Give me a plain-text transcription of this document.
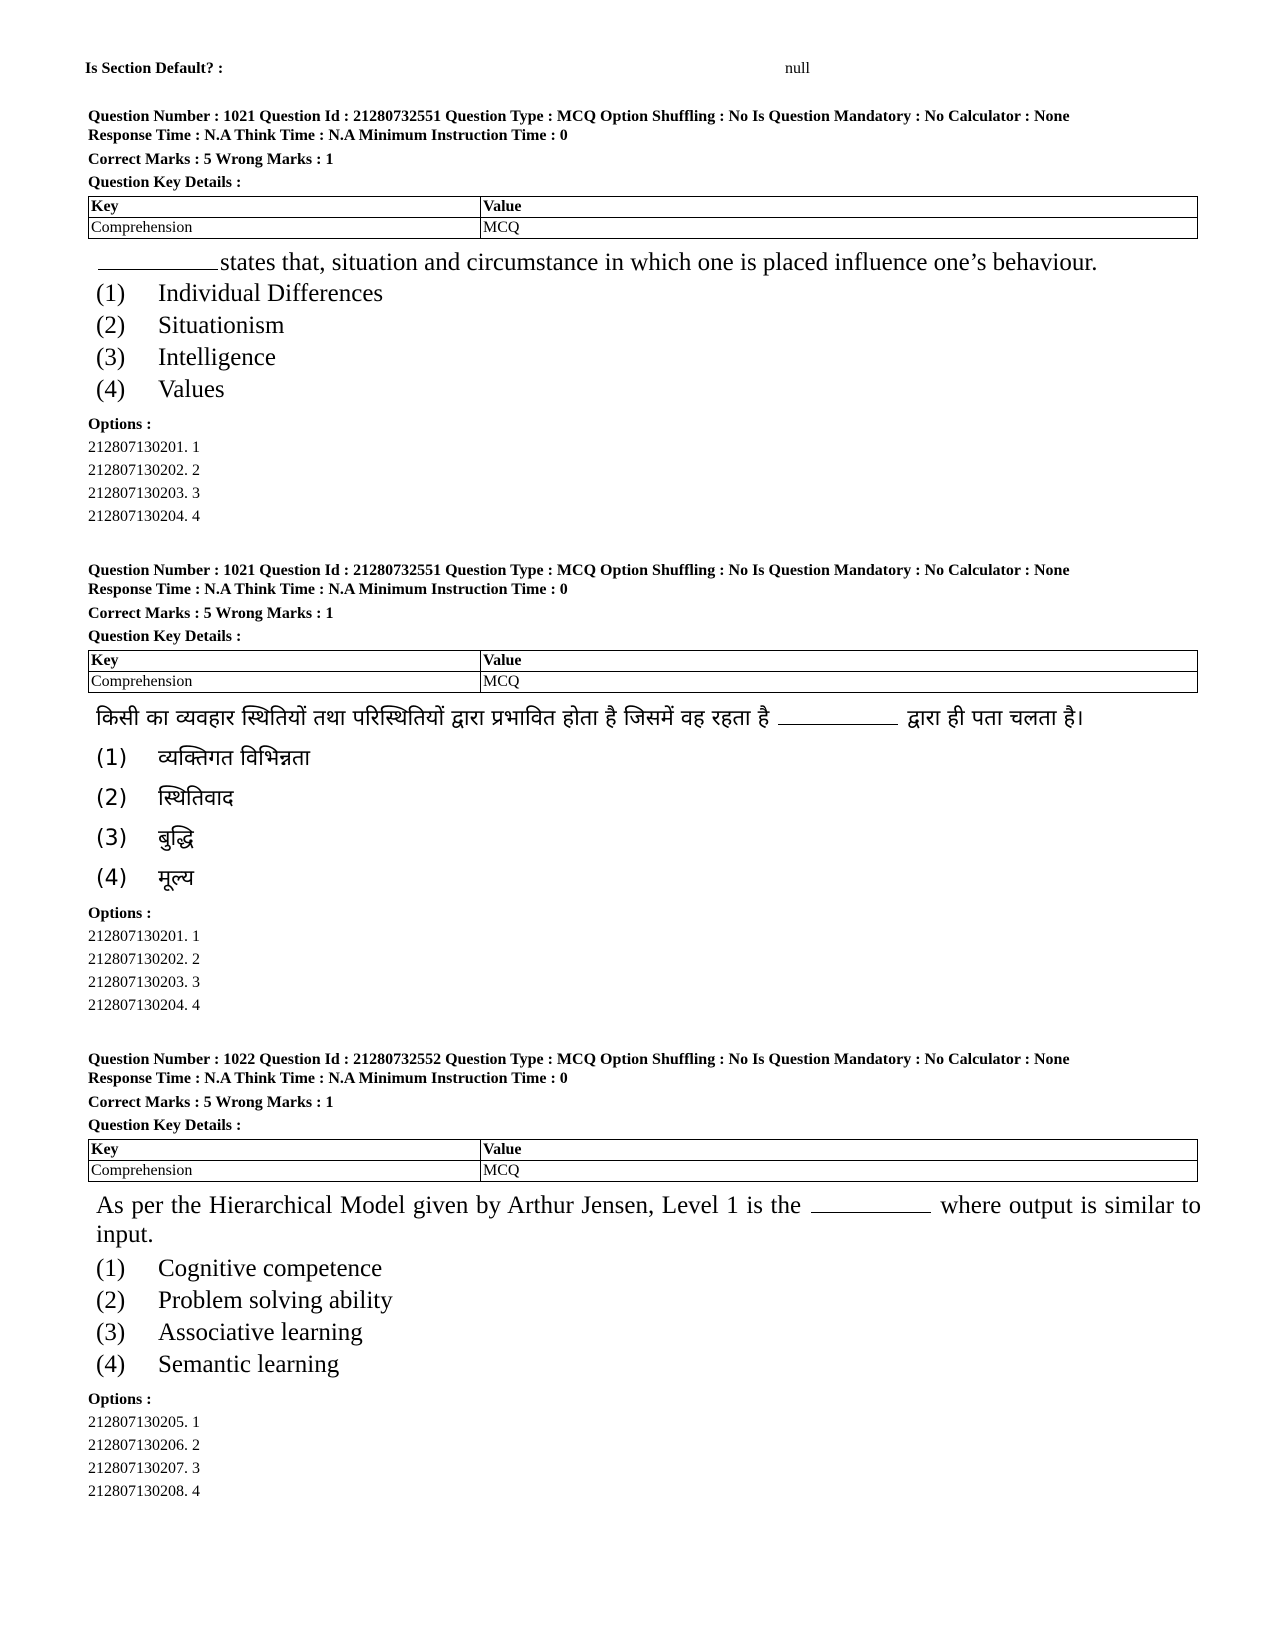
Is Section Default? :	null
Question Number : 1021 Question Id : 21280732551 Question Type : MCQ Option Shuffling : No Is Question Mandatory : No Calculator : None
Response Time : N.A Think Time : N.A Minimum Instruction Time : 0
Correct Marks : 5 Wrong Marks : 1
Question Key Details :
Key	Value
Comprehension	MCQ
states that, situation and circumstance in which one is placed influence one’s behaviour.
(1) Individual Differences
(2) Situationism
(3) Intelligence
(4) Values
Options :
212807130201. 1
212807130202. 2
212807130203. 3
212807130204. 4
Question Number : 1021 Question Id : 21280732551 Question Type : MCQ Option Shuffling : No Is Question Mandatory : No Calculator : None
Response Time : N.A Think Time : N.A Minimum Instruction Time : 0
Correct Marks : 5 Wrong Marks : 1
Question Key Details :
Key	Value
Comprehension	MCQ
किसी का व्यवहार स्थितियों तथा परिस्थितियों द्वारा प्रभावित होता है जिसमें वह रहता है	द्वारा ही पता चलता है।
(1) व्यक्तिगत विभिन्नता
(2) स्थितिवाद
(3) बुद्धि
(4) मूल्य
Options :
212807130201. 1
212807130202. 2
212807130203. 3
212807130204. 4
Question Number : 1022 Question Id : 21280732552 Question Type : MCQ Option Shuffling : No Is Question Mandatory : No Calculator : None
Response Time : N.A Think Time : N.A Minimum Instruction Time : 0
Correct Marks : 5 Wrong Marks : 1
Question Key Details :
Key	Value
Comprehension	MCQ
As per the Hierarchical Model given by Arthur Jensen, Level 1 is the	where output is similar to input.
(1) Cognitive competence
(2) Problem solving ability
(3) Associative learning
(4) Semantic learning
Options :
212807130205. 1
212807130206. 2
212807130207. 3
212807130208. 4
